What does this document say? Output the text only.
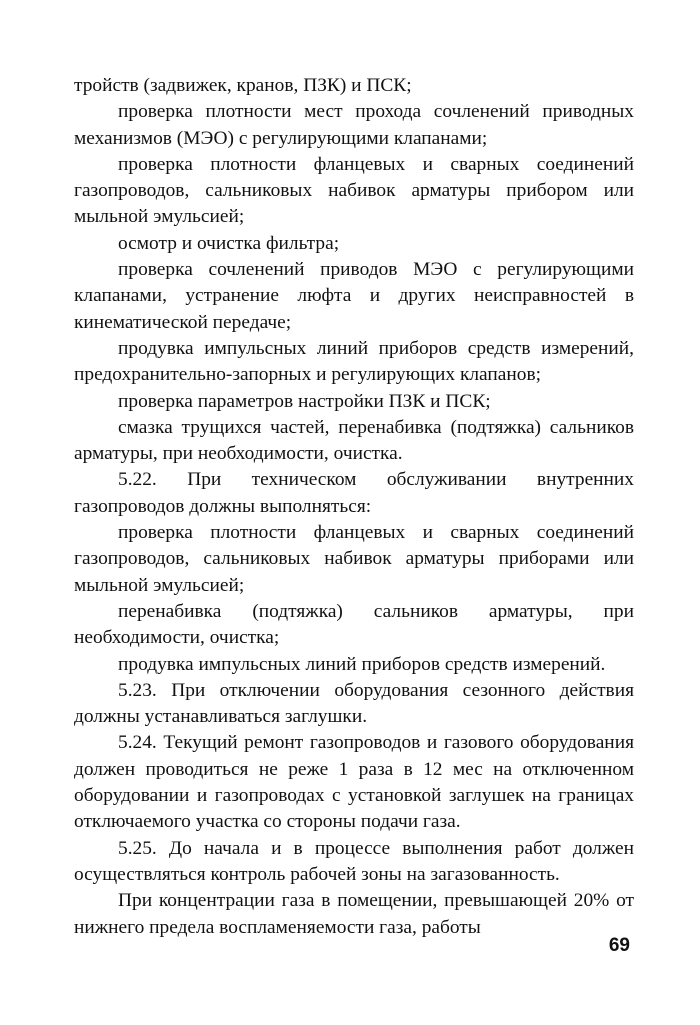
тройств (задвижек, кранов, ПЗК) и ПСК;

проверка плотности мест прохода сочленений приводных механизмов (МЭО) с регулирующими клапанами;

проверка плотности фланцевых и сварных соединений газопроводов, сальниковых набивок арматуры прибором или мыльной эмульсией;

осмотр и очистка фильтра;

проверка сочленений приводов МЭО с регулирующими клапанами, устранение люфта и других неисправностей в кинематической передаче;

продувка импульсных линий приборов средств измерений, предохранительно-запорных и регулирующих клапанов;

проверка параметров настройки ПЗК и ПСК;

смазка трущихся частей, перенабивка (подтяжка) сальников арматуры, при необходимости, очистка.

5.22. При техническом обслуживании внутренних газопроводов должны выполняться:

проверка плотности фланцевых и сварных соединений газопроводов, сальниковых набивок арматуры приборами или мыльной эмульсией;

перенабивка (подтяжка) сальников арматуры, при необходимости, очистка;

продувка импульсных линий приборов средств измерений.

5.23. При отключении оборудования сезонного действия должны устанавливаться заглушки.

5.24. Текущий ремонт газопроводов и газового оборудования должен проводиться не реже 1 раза в 12 мес на отключенном оборудовании и газопроводах с установкой заглушек на границах отключаемого участка со стороны подачи газа.

5.25. До начала и в процессе выполнения работ должен осуществляться контроль рабочей зоны на загазованность.

При концентрации газа в помещении, превышающей 20% от нижнего предела воспламеняемости газа, работы

69
